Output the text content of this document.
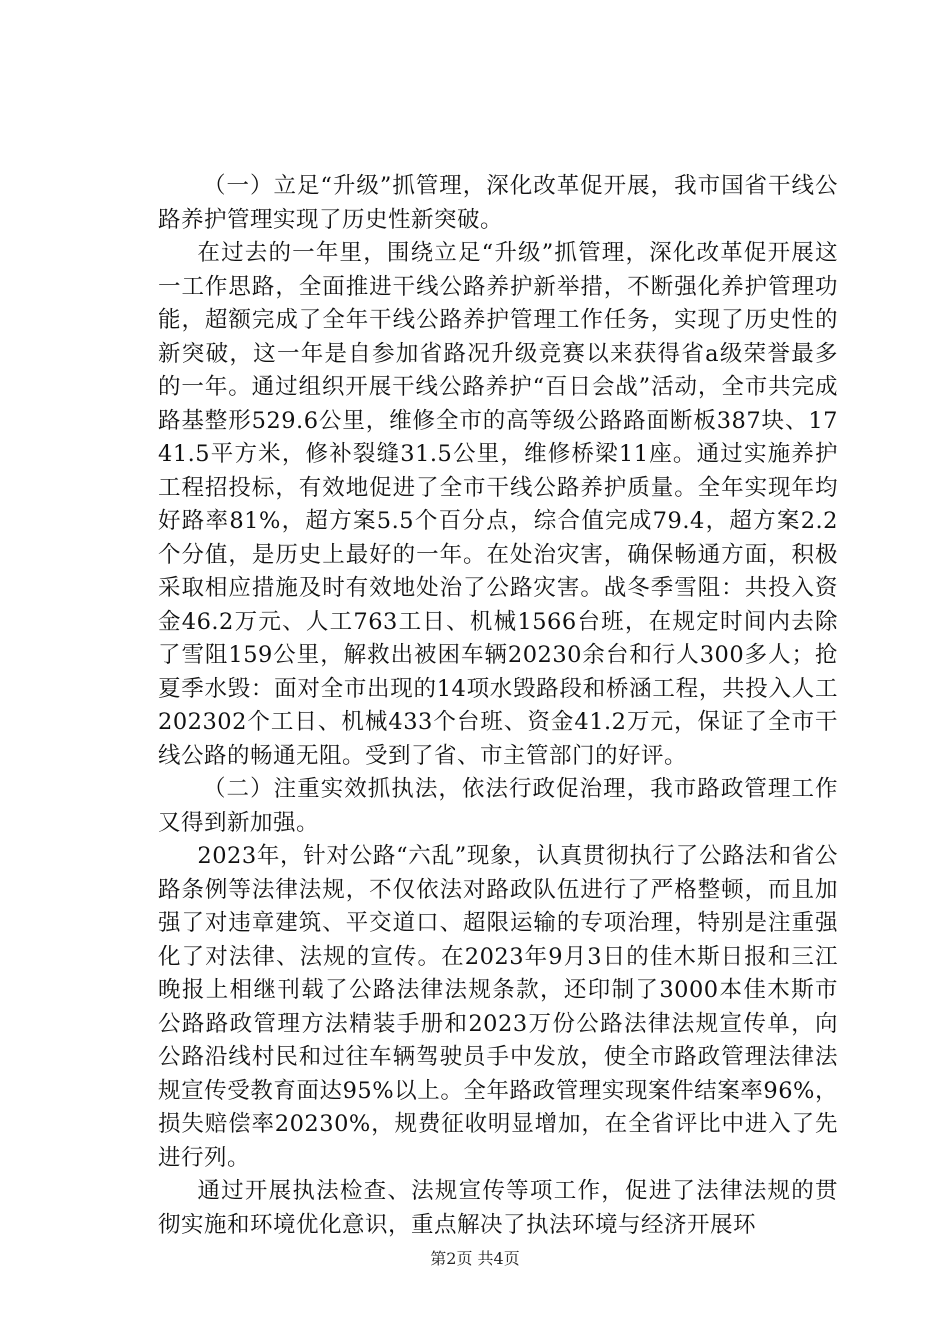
（一）立足“升级”抓管理，深化改革促开展，我市国省干线公路养护管理实现了历史性新突破。

在过去的一年里，围绕立足“升级”抓管理，深化改革促开展这一工作思路，全面推进干线公路养护新举措，不断强化养护管理功能，超额完成了全年干线公路养护管理工作任务，实现了历史性的新突破，这一年是自参加省路况升级竞赛以来获得省a级荣誉最多的一年。通过组织开展干线公路养护“百日会战”活动，全市共完成路基整形529.6公里，维修全市的高等级公路路面断板387块、1741.5平方米，修补裂缝31.5公里，维修桥梁11座。通过实施养护工程招投标，有效地促进了全市干线公路养护质量。全年实现年均好路率81%，超方案5.5个百分点，综合值完成79.4，超方案2.2个分值，是历史上最好的一年。在处治灾害，确保畅通方面，积极采取相应措施及时有效地处治了公路灾害。战冬季雪阻：共投入资金46.2万元、人工763工日、机械1566台班，在规定时间内去除了雪阻159公里，解救出被困车辆20230余台和行人300多人；抢夏季水毁：面对全市出现的14项水毁路段和桥涵工程，共投入人工202302个工日、机械433个台班、资金41.2万元，保证了全市干线公路的畅通无阻。受到了省、市主管部门的好评。

（二）注重实效抓执法，依法行政促治理，我市路政管理工作又得到新加强。

2023年，针对公路“六乱”现象，认真贯彻执行了公路法和省公路条例等法律法规，不仅依法对路政队伍进行了严格整顿，而且加强了对违章建筑、平交道口、超限运输的专项治理，特别是注重强化了对法律、法规的宣传。在2023年9月3日的佳木斯日报和三江晚报上相继刊载了公路法律法规条款，还印制了3000本佳木斯市公路路政管理方法精装手册和2023万份公路法律法规宣传单，向公路沿线村民和过往车辆驾驶员手中发放，使全市路政管理法律法规宣传受教育面达95%以上。全年路政管理实现案件结案率96%，损失赔偿率20230%，规费征收明显增加，在全省评比中进入了先进行列。

通过开展执法检查、法规宣传等项工作，促进了法律法规的贯彻实施和环境优化意识，重点解决了执法环境与经济开展环

第2页 共4页
